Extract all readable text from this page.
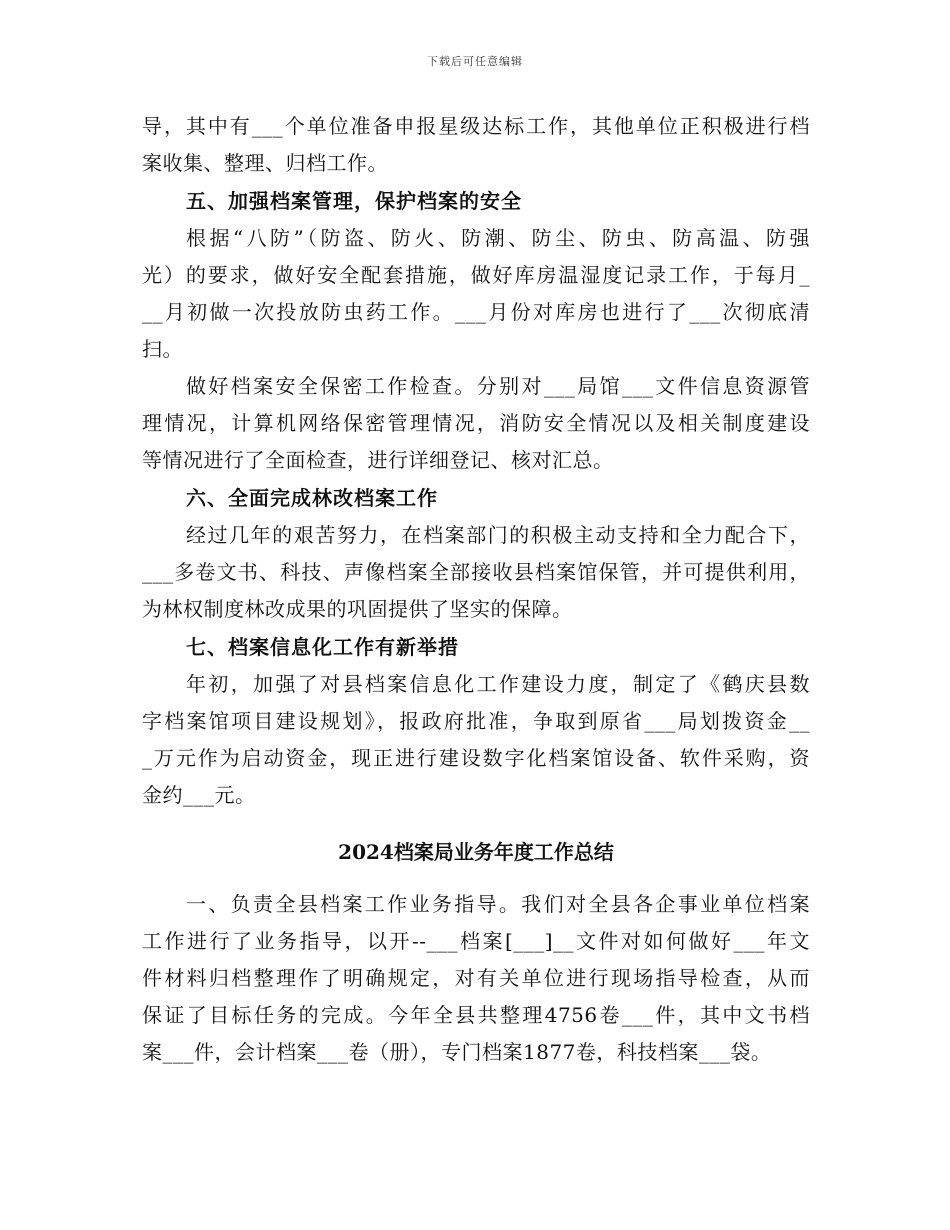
下载后可任意编辑
导，其中有___个单位准备申报星级达标工作，其他单位正积极进行档
案收集、整理、归档工作。
五、加强档案管理，保护档案的安全
根据“八防”（防盗、防火、防潮、防尘、防虫、防高温、防强
光）的要求，做好安全配套措施，做好库房温湿度记录工作，于每月_
__月初做一次投放防虫药工作。___月份对库房也进行了___次彻底清
扫。
做好档案安全保密工作检查。分别对___局馆___文件信息资源管
理情况，计算机网络保密管理情况，消防安全情况以及相关制度建设
等情况进行了全面检查，进行详细登记、核对汇总。
六、全面完成林改档案工作
经过几年的艰苦努力，在档案部门的积极主动支持和全力配合下，
___多卷文书、科技、声像档案全部接收县档案馆保管，并可提供利用，
为林权制度林改成果的巩固提供了坚实的保障。
七、档案信息化工作有新举措
年初，加强了对县档案信息化工作建设力度，制定了《鹤庆县数
字档案馆项目建设规划》，报政府批准，争取到原省___局划拨资金__
_万元作为启动资金，现正进行建设数字化档案馆设备、软件采购，资
金约___元。
2024档案局业务年度工作总结
一、负责全县档案工作业务指导。我们对全县各企事业单位档案
工作进行了业务指导，以开--___档案[___]__文件对如何做好___年文
件材料归档整理作了明确规定，对有关单位进行现场指导检查，从而
保证了目标任务的完成。今年全县共整理4756卷___件，其中文书档
案___件，会计档案___卷（册），专门档案1877卷，科技档案___袋。
